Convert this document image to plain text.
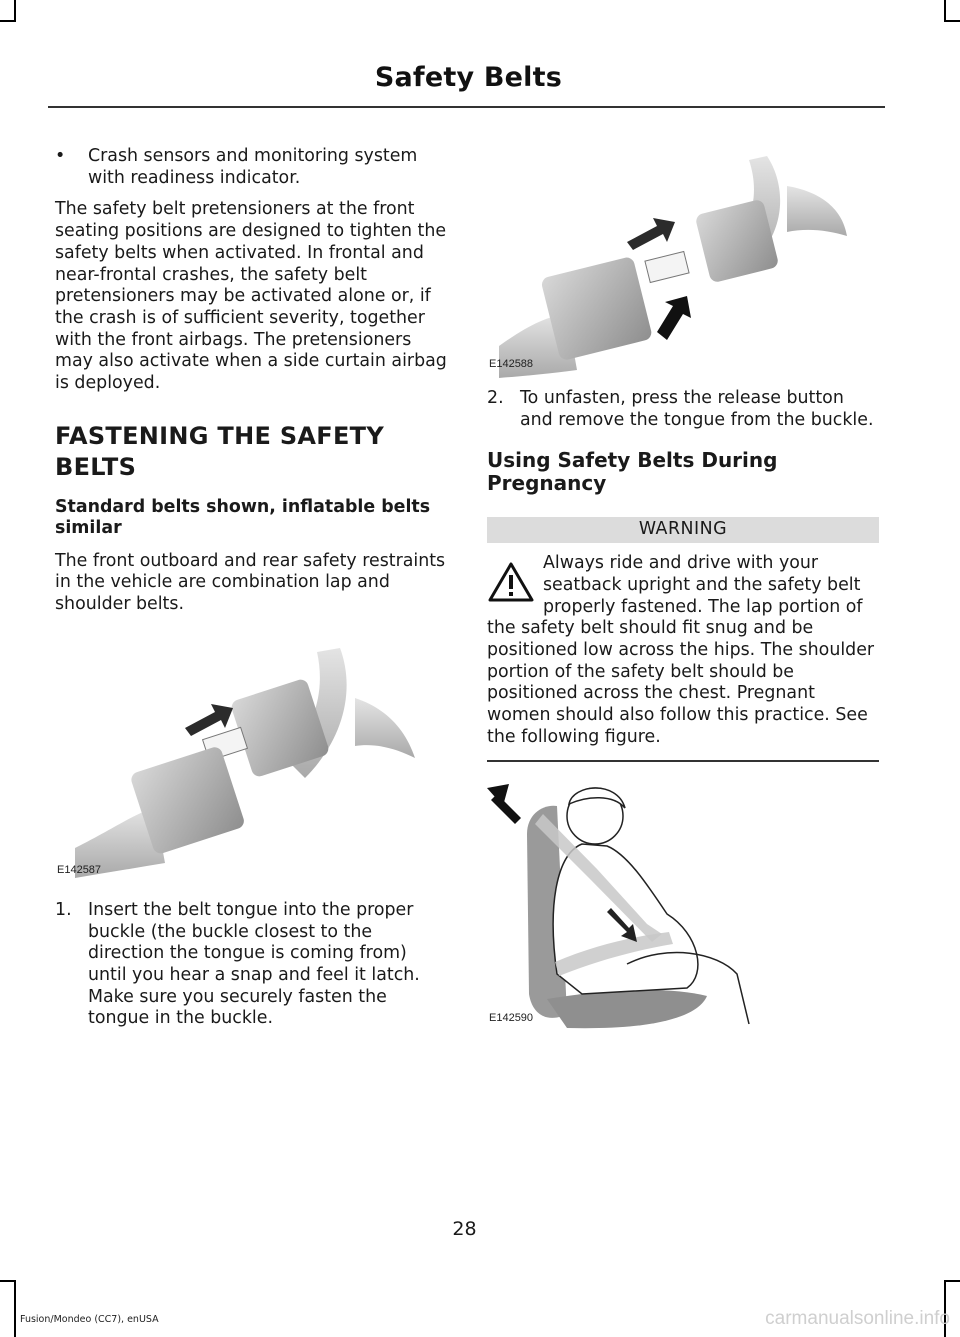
Safety Belts
•	Crash sensors and monitoring system with readiness indicator.

The safety belt pretensioners at the front seating positions are designed to tighten the safety belts when activated. In frontal and near-frontal crashes, the safety belt pretensioners may be activated alone or, if the crash is of sufficient severity, together with the front airbags. The pretensioners may also activate when a side curtain airbag is deployed.

FASTENING THE SAFETY
BELTS
Standard belts shown, inflatable belts similar

The front outboard and rear safety restraints in the vehicle are combination lap and shoulder belts.

E142587
1. Insert the belt tongue into the proper buckle (the buckle closest to the direction the tongue is coming from) until you hear a snap and feel it latch. Make sure you securely fasten the tongue in the buckle.
E142588
2. To unfasten, press the release button and remove the tongue from the buckle.
Using Safety Belts During Pregnancy
WARNING
Always ride and drive with your seatback upright and the safety belt properly fastened. The lap portion of the safety belt should fit snug and be positioned low across the hips. The shoulder portion of the safety belt should be positioned across the chest. Pregnant women should also follow this practice. See the following figure.
E142590
28
Fusion/Mondeo (CC7), enUSA	carmanualsonline.info
